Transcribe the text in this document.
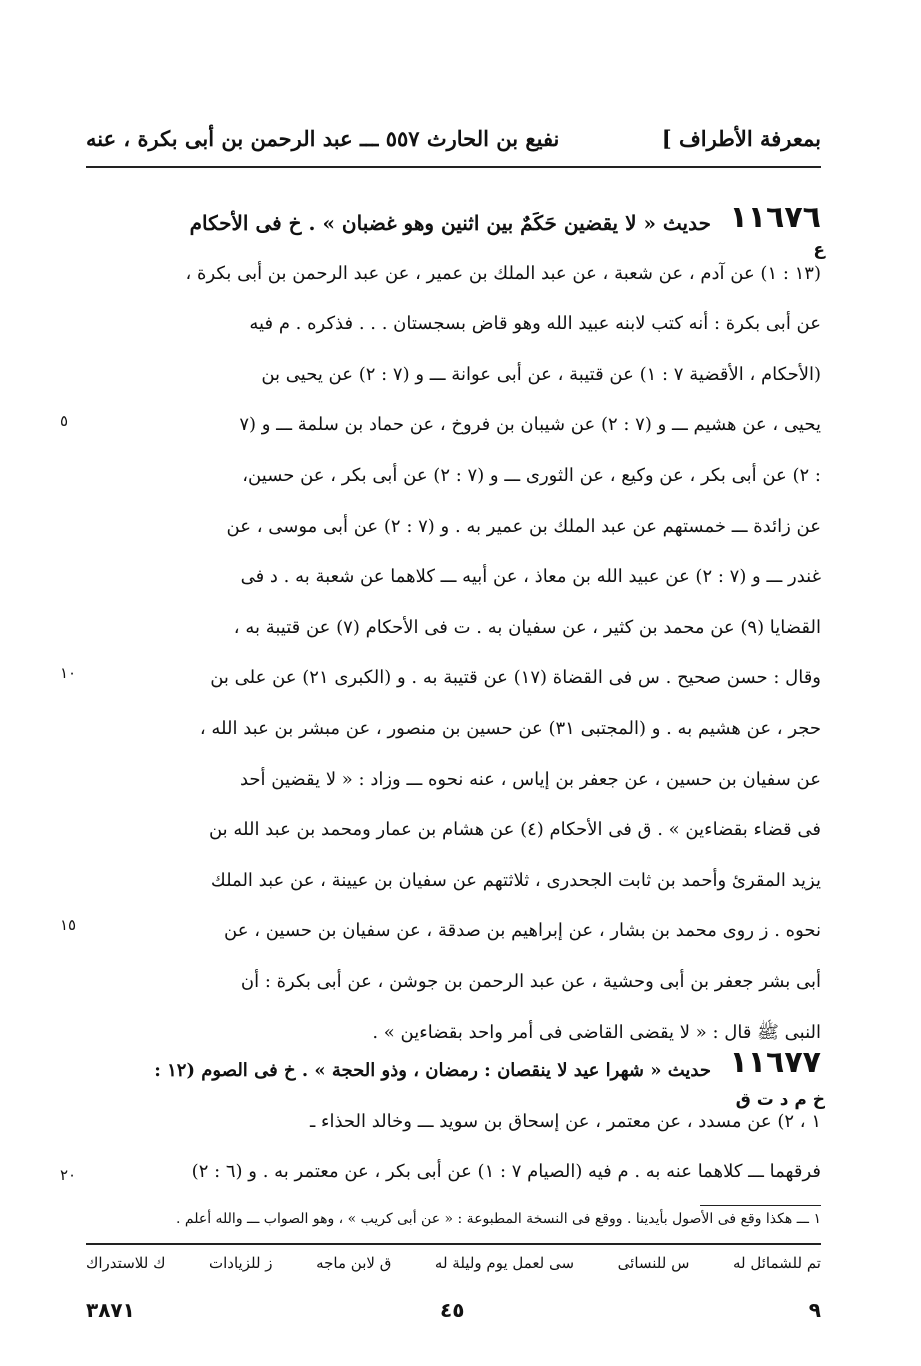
بمعرفة الأطراف ]
نفيع بن الحارث ٥٥٧ ـــ عبد الرحمن بن أبى بكرة ، عنه
١١٦٧٦
ع
حديث « لا يقضين حَكَمٌ بين اثنين وهو غضبان » . خ فى الأحكام
(١٣ : ١) عن آدم ، عن شعبة ، عن عبد الملك بن عمير ، عن عبد الرحمن بن أبى بكرة ،
عن أبى بكرة : أنه كتب لابنه عبيد الله وهو قاض بسجستان . . . فذكره . م فيه
(الأحكام ، الأقضية ٧ : ١) عن قتيبة ، عن أبى عوانة ـــ و (٧ : ٢) عن يحيى بن
يحيى ، عن هشيم ـــ و (٧ : ٢) عن شيبان بن فروخ ، عن حماد بن سلمة ـــ و (٧
: ٢) عن أبى بكر ، عن وكيع ، عن الثورى ـــ و (٧ : ٢) عن أبى بكر ، عن حسين،
عن زائدة ـــ خمستهم عن عبد الملك بن عمير به . و (٧ : ٢) عن أبى موسى ، عن
غندر ـــ و (٧ : ٢) عن عبيد الله بن معاذ ، عن أبيه ـــ كلاهما عن شعبة به . د فى
القضايا (٩) عن محمد بن كثير ، عن سفيان به . ت فى الأحكام (٧) عن قتيبة به ،
وقال : حسن صحيح . س فى القضاة (١٧) عن قتيبة به . و (الكبرى ٢١) عن على بن
حجر ، عن هشيم به . و (المجتبى ٣١) عن حسين بن منصور ، عن مبشر بن عبد الله ،
عن سفيان بن حسين ، عن جعفر بن إياس ، عنه نحوه ـــ وزاد : « لا يقضين أحد
فى قضاء بقضاءين » . ق فى الأحكام (٤) عن هشام بن عمار ومحمد بن عبد الله بن
يزيد المقرئ وأحمد بن ثابت الجحدرى ، ثلاثتهم عن سفيان بن عيينة ، عن عبد الملك
نحوه . ز روى محمد بن بشار ، عن إبراهيم بن صدقة ، عن سفيان بن حسين ، عن
أبى بشر جعفر بن أبى وحشية ، عن عبد الرحمن بن جوشن ، عن أبى بكرة : أن
النبى ﷺ قال : « لا يقضى القاضى فى أمر واحد بقضاءين » .
٥
١٠
١٥
٢٠
١١٦٧٧
خ م د ت ق
حديث « شهرا عيد لا ينقصان : رمضان ، وذو الحجة » . خ فى الصوم (١٢ :
١ ، ٢) عن مسدد ، عن معتمر ، عن إسحاق بن سويد ـــ وخالد الحذاء ـ
فرقهما ـــ كلاهما عنه به . م فيه (الصيام ٧ : ١) عن أبى بكر ، عن معتمر به . و (٦ : ٢)
١ ـــ هكذا وقع فى الأصول بأيدينا . ووقع فى النسخة المطبوعة : « عن أبى كريب » ، وهو الصواب ـــ والله أعلم .
تم للشمائل له
س للنسائى
سى لعمل يوم وليلة له
ق لابن ماجه
ز للزيادات
ك للاستدراك
٣٨٧١	٤٥	٩
